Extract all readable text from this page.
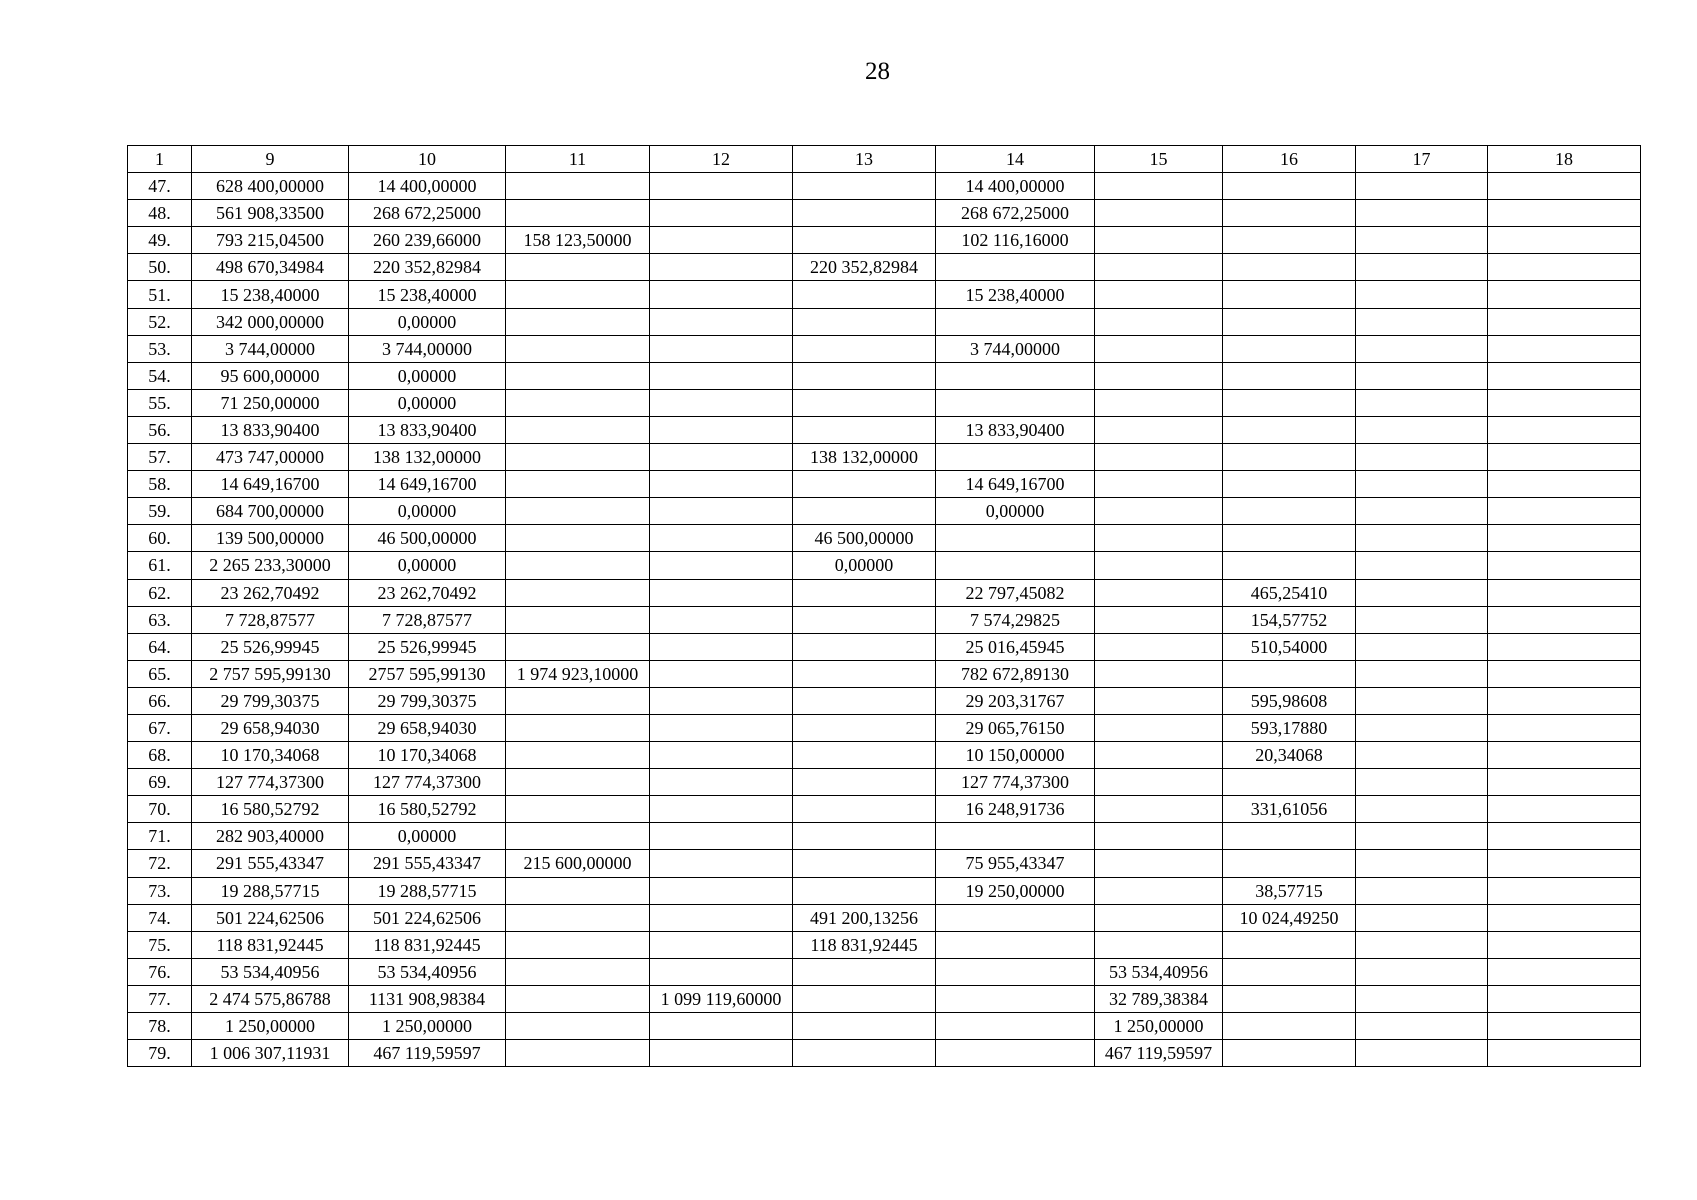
28
1	9	10	11	12	13	14	15	16	17	18
47.	628 400,00000	14 400,00000				14 400,00000				
48.	561 908,33500	268 672,25000				268 672,25000				
49.	793 215,04500	260 239,66000	158 123,50000			102 116,16000				
50.	498 670,34984	220 352,82984			220 352,82984					
51.	15 238,40000	15 238,40000				15 238,40000				
52.	342 000,00000	0,00000								
53.	3 744,00000	3 744,00000				3 744,00000				
54.	95 600,00000	0,00000								
55.	71 250,00000	0,00000								
56.	13 833,90400	13 833,90400				13 833,90400				
57.	473 747,00000	138 132,00000			138 132,00000					
58.	14 649,16700	14 649,16700				14 649,16700				
59.	684 700,00000	0,00000				0,00000				
60.	139 500,00000	46 500,00000			46 500,00000					
61.	2 265 233,30000	0,00000			0,00000					
62.	23 262,70492	23 262,70492				22 797,45082		465,25410		
63.	7 728,87577	7 728,87577				7 574,29825		154,57752		
64.	25 526,99945	25 526,99945				25 016,45945		510,54000		
65.	2 757 595,99130	2757 595,99130	1 974 923,10000			782 672,89130				
66.	29 799,30375	29 799,30375				29 203,31767		595,98608		
67.	29 658,94030	29 658,94030				29 065,76150		593,17880		
68.	10 170,34068	10 170,34068				10 150,00000		20,34068		
69.	127 774,37300	127 774,37300				127 774,37300				
70.	16 580,52792	16 580,52792				16 248,91736		331,61056		
71.	282 903,40000	0,00000								
72.	291 555,43347	291 555,43347	215 600,00000			75 955,43347				
73.	19 288,57715	19 288,57715				19 250,00000		38,57715		
74.	501 224,62506	501 224,62506			491 200,13256			10 024,49250		
75.	118 831,92445	118 831,92445			118 831,92445					
76.	53 534,40956	53 534,40956					53 534,40956			
77.	2 474 575,86788	1131 908,98384		1 099 119,60000			32 789,38384			
78.	1 250,00000	1 250,00000					1 250,00000			
79.	1 006 307,11931	467 119,59597					467 119,59597			
